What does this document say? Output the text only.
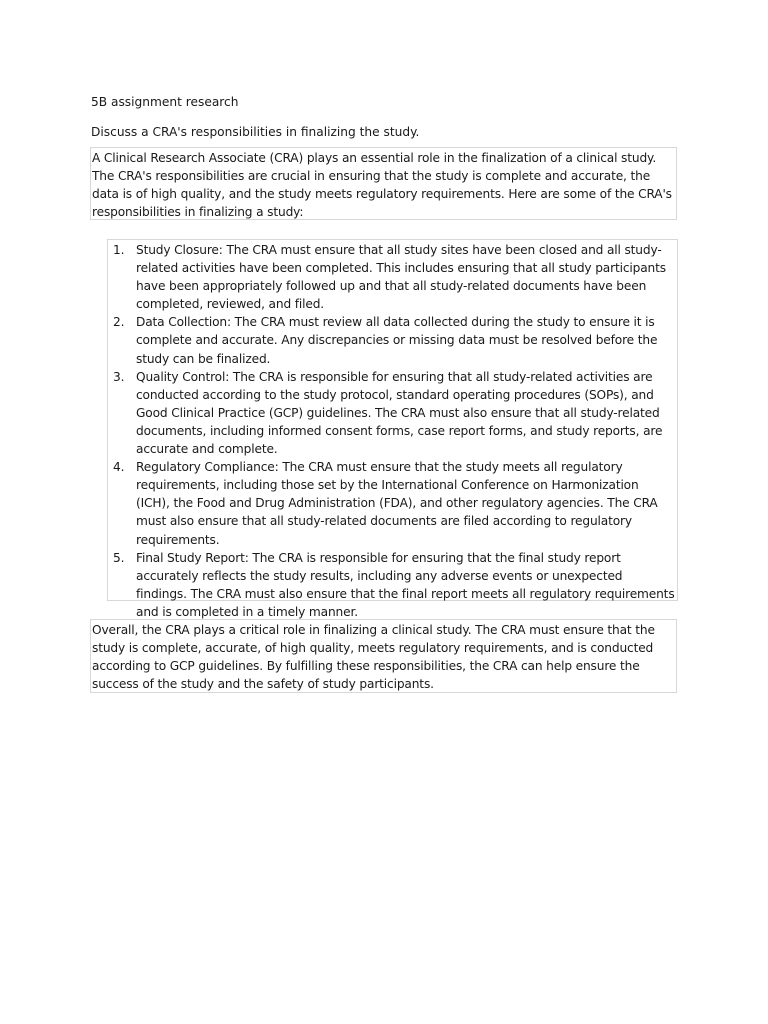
5B assignment research
Discuss a CRA's responsibilities in finalizing the study.

A Clinical Research Associate (CRA) plays an essential role in the finalization of a clinical study. The CRA's responsibilities are crucial in ensuring that the study is complete and accurate, the data is of high quality, and the study meets regulatory requirements. Here are some of the CRA's responsibilities in finalizing a study:

1. Study Closure: The CRA must ensure that all study sites have been closed and all study-related activities have been completed. This includes ensuring that all study participants have been appropriately followed up and that all study-related documents have been completed, reviewed, and filed.
2. Data Collection: The CRA must review all data collected during the study to ensure it is complete and accurate. Any discrepancies or missing data must be resolved before the study can be finalized.
3. Quality Control: The CRA is responsible for ensuring that all study-related activities are conducted according to the study protocol, standard operating procedures (SOPs), and Good Clinical Practice (GCP) guidelines. The CRA must also ensure that all study-related documents, including informed consent forms, case report forms, and study reports, are accurate and complete.
4. Regulatory Compliance: The CRA must ensure that the study meets all regulatory requirements, including those set by the International Conference on Harmonization (ICH), the Food and Drug Administration (FDA), and other regulatory agencies. The CRA must also ensure that all study-related documents are filed according to regulatory requirements.
5. Final Study Report: The CRA is responsible for ensuring that the final study report accurately reflects the study results, including any adverse events or unexpected findings. The CRA must also ensure that the final report meets all regulatory requirements and is completed in a timely manner.

Overall, the CRA plays a critical role in finalizing a clinical study. The CRA must ensure that the study is complete, accurate, of high quality, meets regulatory requirements, and is conducted according to GCP guidelines. By fulfilling these responsibilities, the CRA can help ensure the success of the study and the safety of study participants.
